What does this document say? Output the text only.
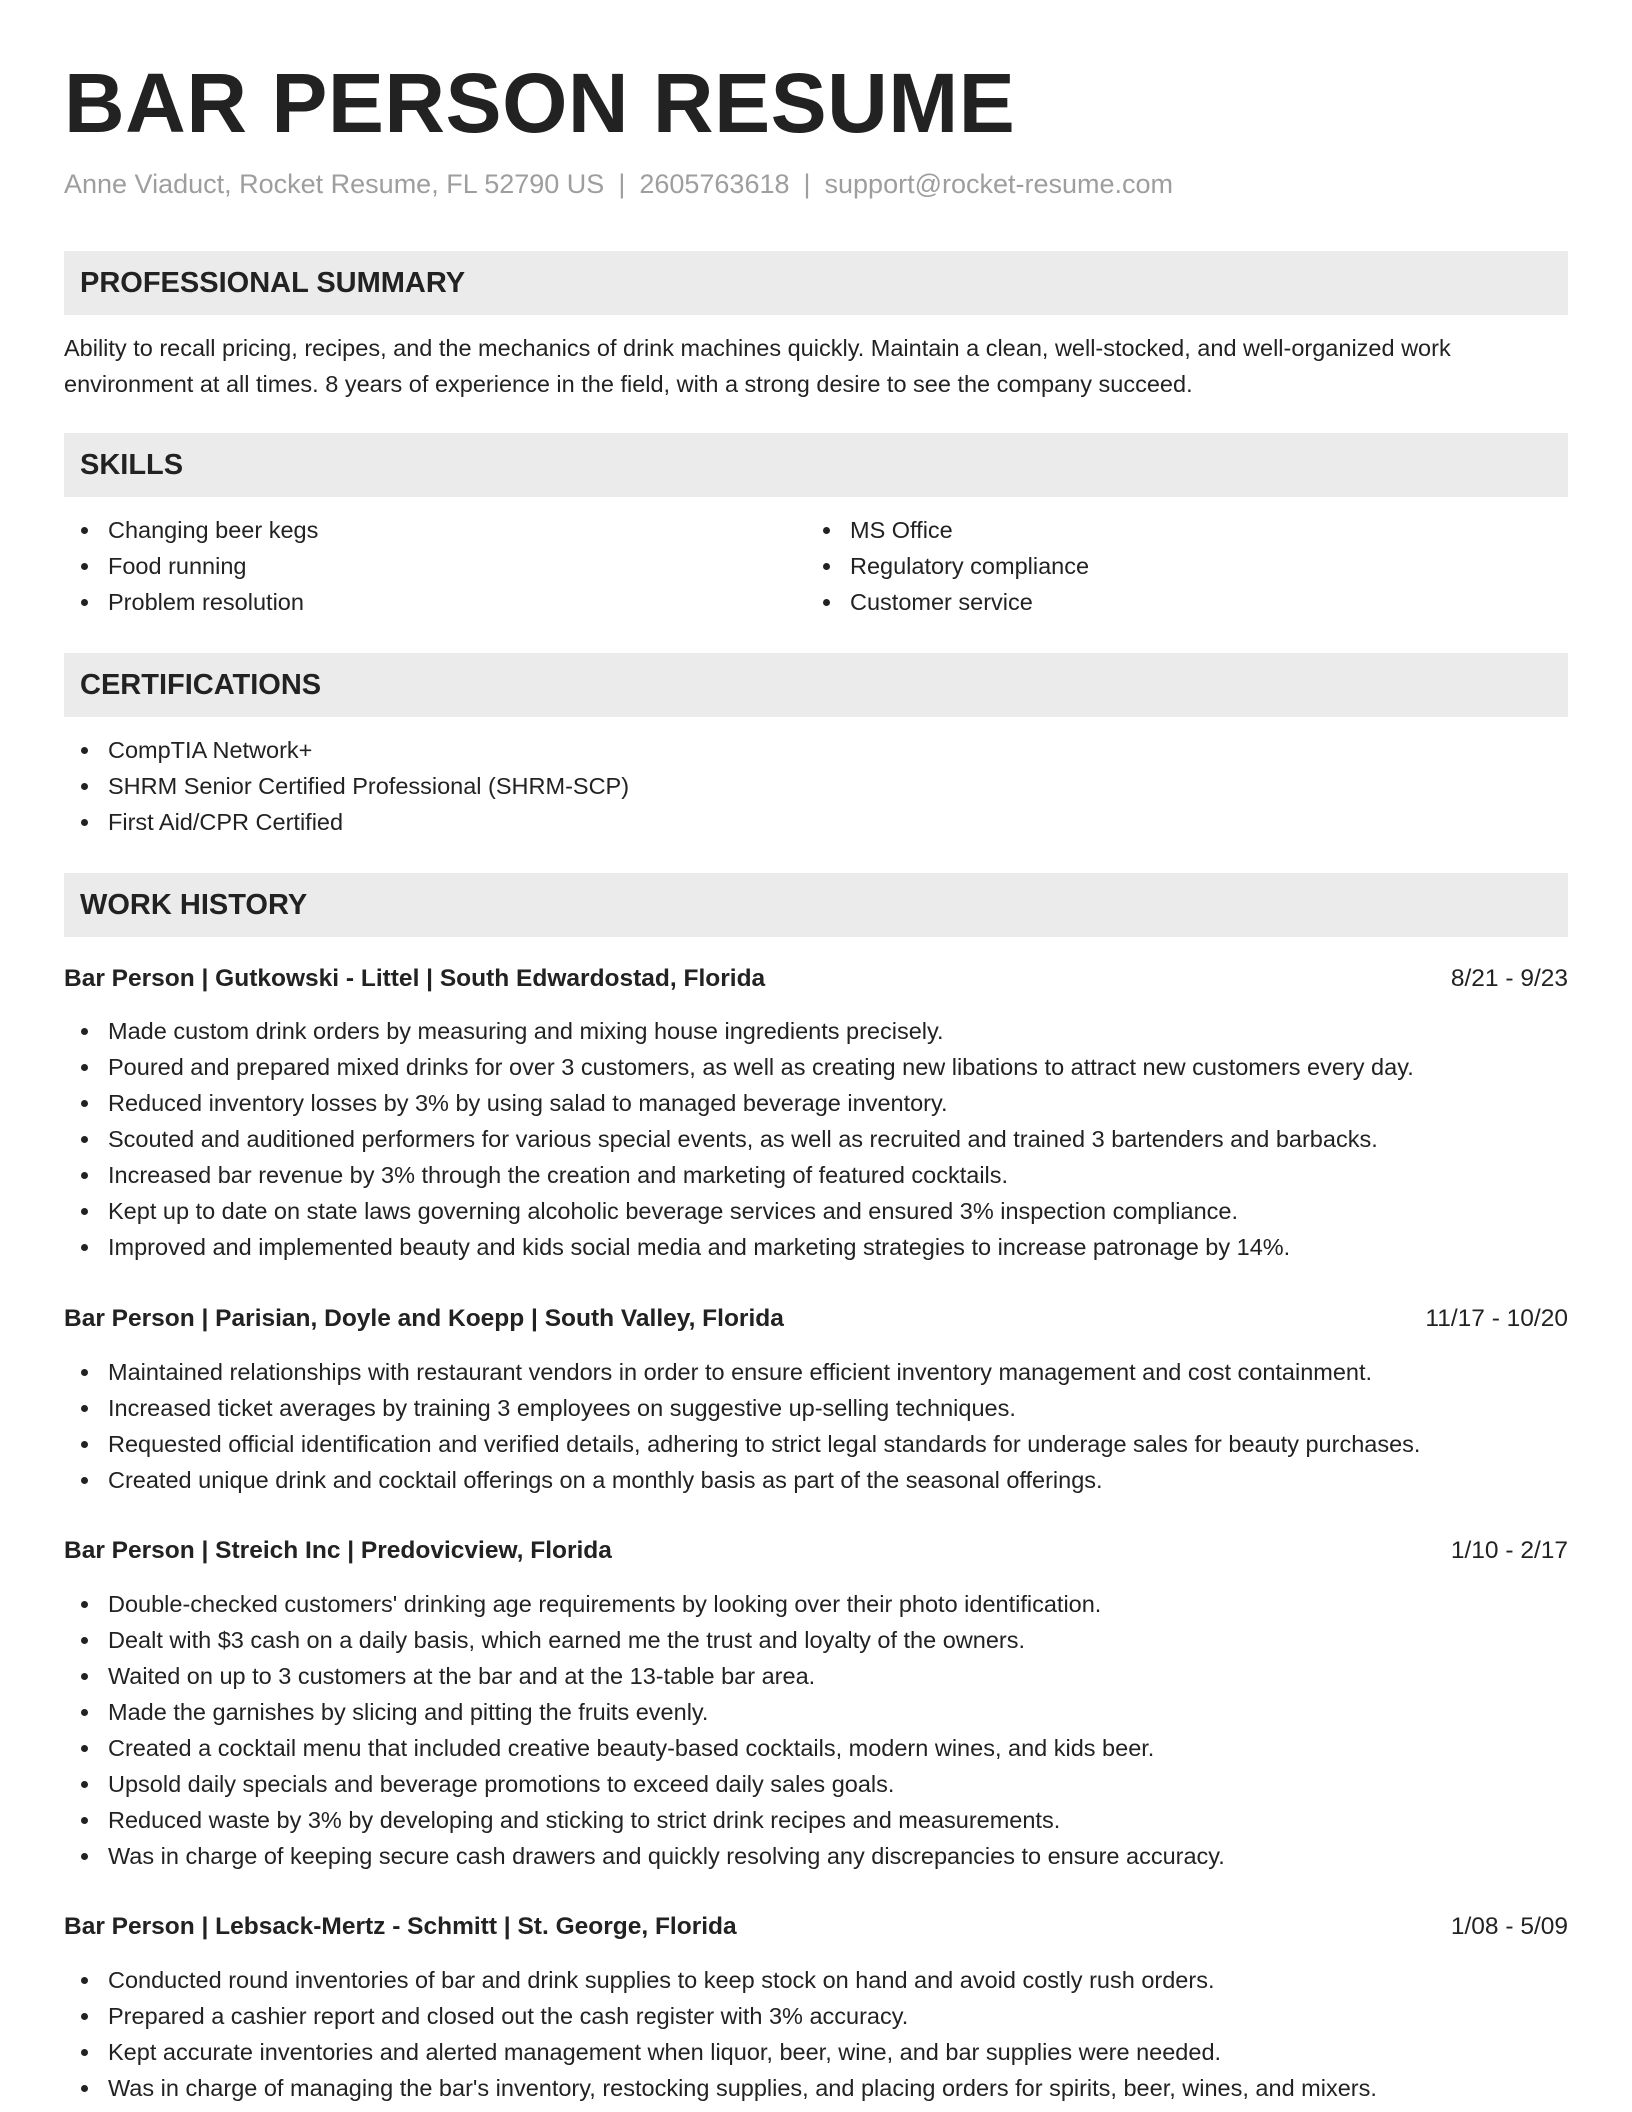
BAR PERSON RESUME
Anne Viaduct, Rocket Resume, FL 52790 US | 2605763618 | support@rocket-resume.com
PROFESSIONAL SUMMARY
Ability to recall pricing, recipes, and the mechanics of drink machines quickly. Maintain a clean, well-stocked, and well-organized work environment at all times. 8 years of experience in the field, with a strong desire to see the company succeed.
SKILLS
Changing beer kegs
Food running
Problem resolution
MS Office
Regulatory compliance
Customer service
CERTIFICATIONS
CompTIA Network+
SHRM Senior Certified Professional (SHRM-SCP)
First Aid/CPR Certified
WORK HISTORY
Bar Person | Gutkowski - Littel | South Edwardostad, Florida	8/21 - 9/23
Made custom drink orders by measuring and mixing house ingredients precisely.
Poured and prepared mixed drinks for over 3 customers, as well as creating new libations to attract new customers every day.
Reduced inventory losses by 3% by using salad to managed beverage inventory.
Scouted and auditioned performers for various special events, as well as recruited and trained 3 bartenders and barbacks.
Increased bar revenue by 3% through the creation and marketing of featured cocktails.
Kept up to date on state laws governing alcoholic beverage services and ensured 3% inspection compliance.
Improved and implemented beauty and kids social media and marketing strategies to increase patronage by 14%.
Bar Person | Parisian, Doyle and Koepp | South Valley, Florida	11/17 - 10/20
Maintained relationships with restaurant vendors in order to ensure efficient inventory management and cost containment.
Increased ticket averages by training 3 employees on suggestive up-selling techniques.
Requested official identification and verified details, adhering to strict legal standards for underage sales for beauty purchases.
Created unique drink and cocktail offerings on a monthly basis as part of the seasonal offerings.
Bar Person | Streich Inc | Predovicview, Florida	1/10 - 2/17
Double-checked customers' drinking age requirements by looking over their photo identification.
Dealt with $3 cash on a daily basis, which earned me the trust and loyalty of the owners.
Waited on up to 3 customers at the bar and at the 13-table bar area.
Made the garnishes by slicing and pitting the fruits evenly.
Created a cocktail menu that included creative beauty-based cocktails, modern wines, and kids beer.
Upsold daily specials and beverage promotions to exceed daily sales goals.
Reduced waste by 3% by developing and sticking to strict drink recipes and measurements.
Was in charge of keeping secure cash drawers and quickly resolving any discrepancies to ensure accuracy.
Bar Person | Lebsack-Mertz - Schmitt | St. George, Florida	1/08 - 5/09
Conducted round inventories of bar and drink supplies to keep stock on hand and avoid costly rush orders.
Prepared a cashier report and closed out the cash register with 3% accuracy.
Kept accurate inventories and alerted management when liquor, beer, wine, and bar supplies were needed.
Was in charge of managing the bar's inventory, restocking supplies, and placing orders for spirits, beer, wines, and mixers.
